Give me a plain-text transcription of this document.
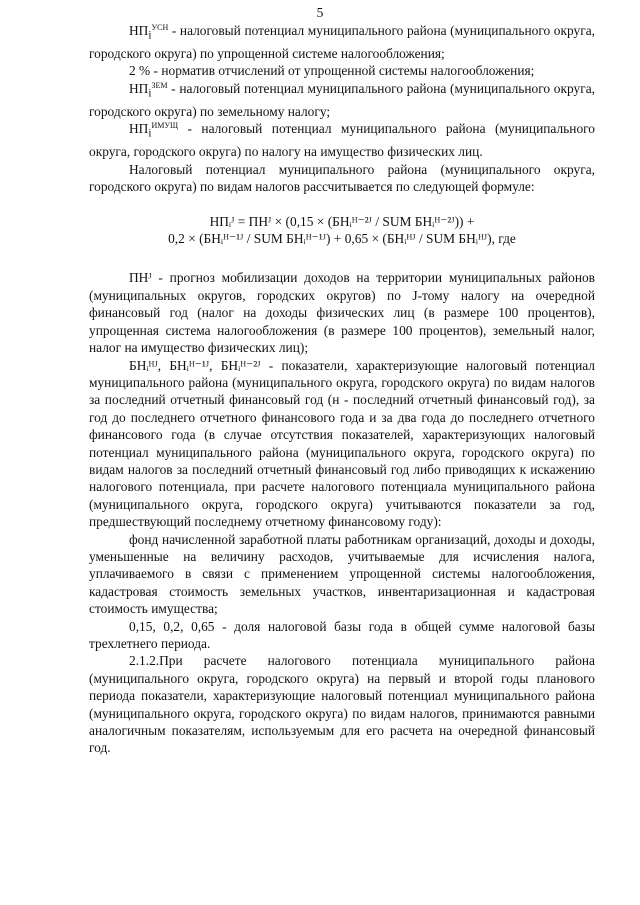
5

$НП_i^{УСН}$ - налоговый потенциал муниципального района (муниципального округа, городского округа) по упрощенной системе налогообложения;

2 % - норматив отчислений от упрощенной системы налогообложения;

$НП_i^{ЗЕМ}$ - налоговый потенциал муниципального района (муниципального округа, городского округа) по земельному налогу;

$НП_i^{ИМУЩ}$ - налоговый потенциал муниципального района (муниципального округа, городского округа) по налогу на имущество физических лиц.

Налоговый потенциал муниципального района (муниципального округа, городского округа) по видам налогов рассчитывается по следующей формуле:

НПᵢᴶ = ПНᴶ × (0,15 × (БНᵢᴴ⁻²ᴶ / SUM БНᵢᴴ⁻²ᴶ)) +

0,2 × (БНᵢᴴ⁻¹ᴶ / SUM БНᵢᴴ⁻¹ᴶ) + 0,65 × (БНᵢᴴᴶ / SUM БНᵢᴴᴶ), где

ПНᴶ - прогноз мобилизации доходов на территории муниципальных районов (муниципальных округов, городских округов) по J-тому налогу на очередной финансовый год (налог на доходы физических лиц (в размере 100 процентов), упрощенная система налогообложения (в размере 100 процентов), земельный налог, налог на имущество физических лиц);

БНᵢᴴᴶ, БНᵢᴴ⁻¹ᴶ, БНᵢᴴ⁻²ᴶ - показатели, характеризующие налоговый потенциал муниципального района (муниципального округа, городского округа) по видам налогов за последний отчетный финансовый год (н - последний отчетный финансовый год), за год до последнего отчетного финансового года и за два года до последнего отчетного финансового года (в случае отсутствия показателей, характеризующих налоговый потенциал муниципального района (муниципального округа, городского округа) по видам налогов за последний отчетный финансовый год либо приводящих к искажению налогового потенциала, при расчете налогового потенциала муниципального района (муниципального округа, городского округа) учитываются показатели за год, предшествующий последнему отчетному финансовому году):

фонд начисленной заработной платы работникам организаций, доходы и доходы, уменьшенные на величину расходов, учитываемые для исчисления налога, уплачиваемого в связи с применением упрощенной системы налогообложения, кадастровая стоимость земельных участков, инвентаризационная и кадастровая стоимость имущества;

0,15, 0,2, 0,65 - доля налоговой базы года в общей сумме налоговой базы трехлетнего периода.

2.1.2.При расчете налогового потенциала муниципального района (муниципального округа, городского округа) на первый и второй годы планового периода показатели, характеризующие налоговый потенциал муниципального района (муниципального округа, городского округа) по видам налогов, принимаются равными аналогичным показателям, используемым для его расчета на очередной финансовый год.
